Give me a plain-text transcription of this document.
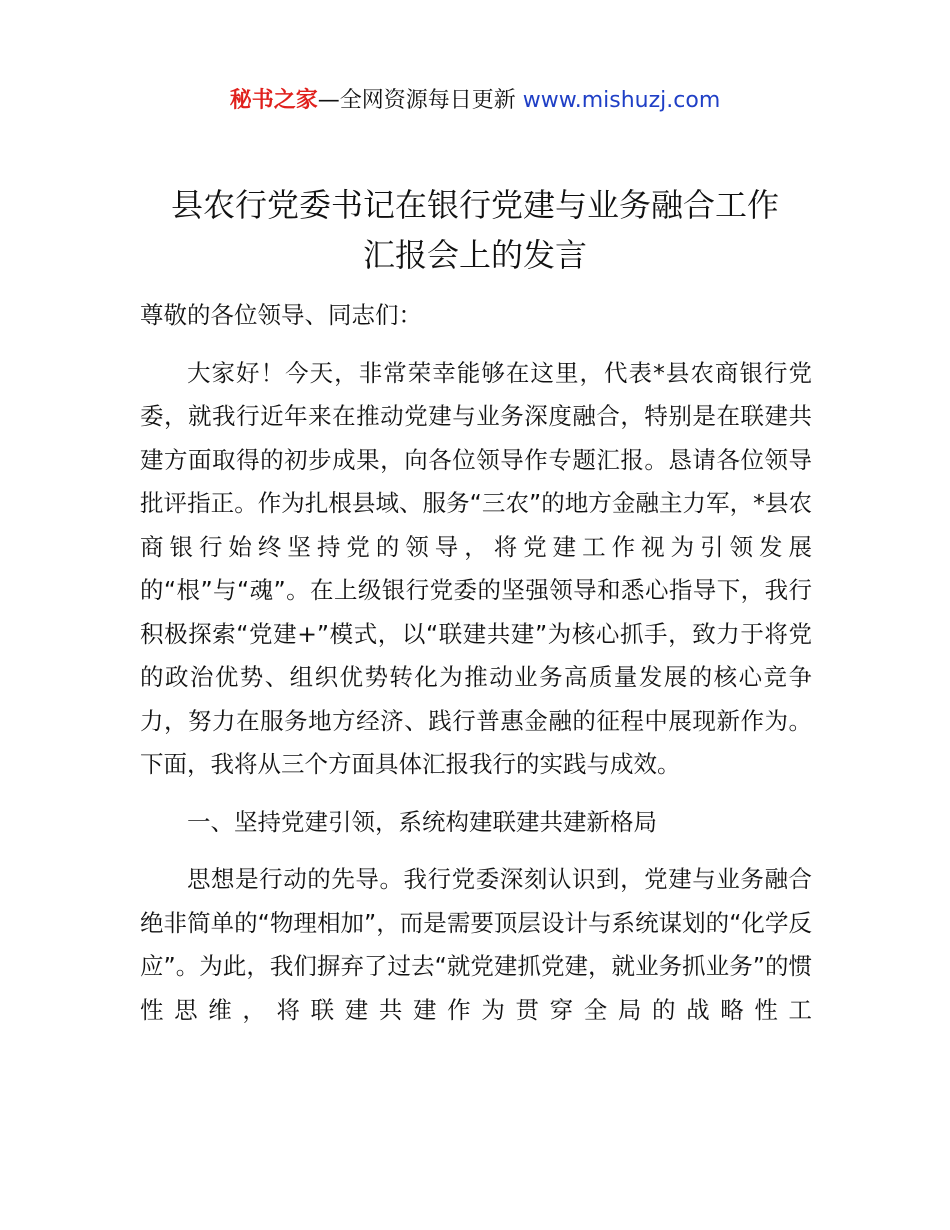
秘书之家—全网资源每日更新 www.mishuzj.com
县农行党委书记在银行党建与业务融合工作
汇报会上的发言

尊敬的各位领导、同志们：

大家好！今天，非常荣幸能够在这里，代表*县农商银行党委，就我行近年来在推动党建与业务深度融合，特别是在联建共建方面取得的初步成果，向各位领导作专题汇报。恳请各位领导批评指正。作为扎根县域、服务“三农”的地方金融主力军，*县农商银行始终坚持党的领导，将党建工作视为引领发展的“根”与“魂”。在上级银行党委的坚强领导和悉心指导下，我行积极探索“党建+”模式，以“联建共建”为核心抓手，致力于将党的政治优势、组织优势转化为推动业务高质量发展的核心竞争力，努力在服务地方经济、践行普惠金融的征程中展现新作为。下面，我将从三个方面具体汇报我行的实践与成效。

一、坚持党建引领，系统构建联建共建新格局

思想是行动的先导。我行党委深刻认识到，党建与业务融合绝非简单的“物理相加”，而是需要顶层设计与系统谋划的“化学反应”。为此，我们摒弃了过去“就党建抓党建，就业务抓业务”的惯性思维，将联建共建作为贯穿全局的战略性工
